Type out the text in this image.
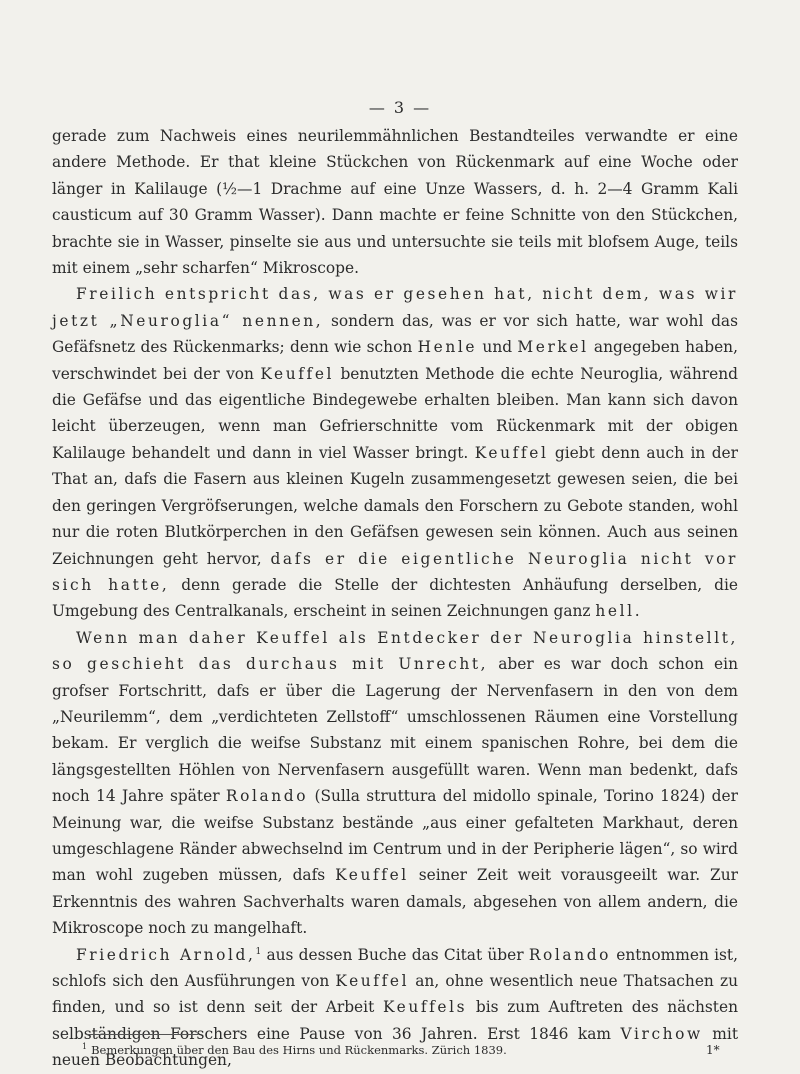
— 3 —

gerade zum Nachweis eines neurilemmähnlichen Bestandteiles verwandte er eine andere Methode. Er that kleine Stückchen von Rückenmark auf eine Woche oder länger in Kalilauge (½—1 Drachme auf eine Unze Wassers, d. h. 2—4 Gramm Kali causticum auf 30 Gramm Wasser). Dann machte er feine Schnitte von den Stückchen, brachte sie in Wasser, pinselte sie aus und untersuchte sie teils mit blofsem Auge, teils mit einem „sehr scharfen“ Mikroscope.

Freilich entspricht das, was er gesehen hat, nicht dem, was wir jetzt „Neuroglia“ nennen, sondern das, was er vor sich hatte, war wohl das Gefäfsnetz des Rückenmarks; denn wie schon Henle und Merkel angegeben haben, verschwindet bei der von Keuffel benutzten Methode die echte Neuroglia, während die Gefäfse und das eigentliche Bindegewebe erhalten bleiben. Man kann sich davon leicht überzeugen, wenn man Gefrierschnitte vom Rückenmark mit der obigen Kalilauge behandelt und dann in viel Wasser bringt. Keuffel giebt denn auch in der That an, dafs die Fasern aus kleinen Kugeln zusammengesetzt gewesen seien, die bei den geringen Vergröfserungen, welche damals den Forschern zu Gebote standen, wohl nur die roten Blutkörperchen in den Gefäfsen gewesen sein können. Auch aus seinen Zeichnungen geht hervor, dafs er die eigentliche Neuroglia nicht vor sich hatte, denn gerade die Stelle der dichtesten Anhäufung derselben, die Umgebung des Centralkanals, erscheint in seinen Zeichnungen ganz hell.

Wenn man daher Keuffel als Entdecker der Neuroglia hinstellt, so geschieht das durchaus mit Unrecht, aber es war doch schon ein grofser Fortschritt, dafs er über die Lagerung der Nervenfasern in den von dem „Neurilemm“, dem „verdichteten Zellstoff“ umschlossenen Räumen eine Vorstellung bekam. Er verglich die weifse Substanz mit einem spanischen Rohre, bei dem die längsgestellten Höhlen von Nervenfasern ausgefüllt waren. Wenn man bedenkt, dafs noch 14 Jahre später Rolando (Sulla struttura del midollo spinale, Torino 1824) der Meinung war, die weifse Substanz bestände „aus einer gefalteten Markhaut, deren umgeschlagene Ränder abwechselnd im Centrum und in der Peripherie lägen“, so wird man wohl zugeben müssen, dafs Keuffel seiner Zeit weit vorausgeeilt war. Zur Erkenntnis des wahren Sachverhalts waren damals, abgesehen von allem andern, die Mikroscope noch zu mangelhaft.

Friedrich Arnold,$^1$ aus dessen Buche das Citat über Rolando entnommen ist, schlofs sich den Ausführungen von Keuffel an, ohne wesentlich neue Thatsachen zu finden, und so ist denn seit der Arbeit Keuffels bis zum Auftreten des nächsten selbständigen Forschers eine Pause von 36 Jahren. Erst 1846 kam Virchow mit neuen Beobachtungen,

$^1$ Bemerkungen über den Bau des Hirns und Rückenmarks. Zürich 1839.	1*
